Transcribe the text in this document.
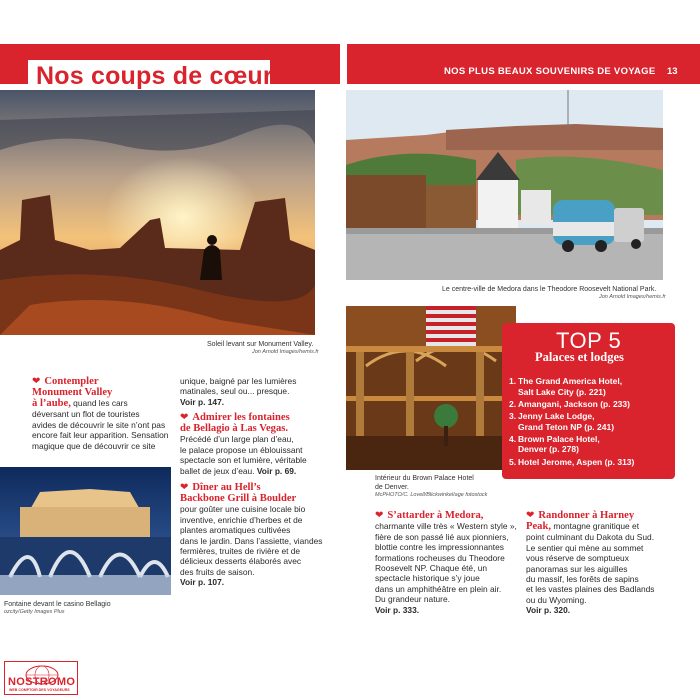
Nos coups de cœur	NOS PLUS BEAUX SOUVENIRS DE VOYAGE 13
Soleil levant sur Monument Valley.
Jon Arnold Images/hemis.fr
Le centre-ville de Medora dans le Theodore Roosevelt National Park.
Jon Arnold Images/hemis.fr
Intérieur du Brown Palace Hotel
de Denver.
McPHOTO/C. Lovell/Blickwinkel/age fotostock
Fontaine devant le casino Bellagio
ozcity/Getty Images Plus
❤ Contempler
Monument Valley
à l’aube, quand les cars
déversant un flot de touristes
avides de découvrir le site n’ont pas
encore fait leur apparition. Sensation
magique que de découvrir ce site
unique, baigné par les lumières
matinales, seul ou... presque.
Voir p. 147.
❤ Admirer les fontaines
de Bellagio à Las Vegas.
Précédé d’un large plan d’eau,
le palace propose un éblouissant
spectacle son et lumière, véritable
ballet de jeux d’eau. Voir p. 69.
❤ Dîner au Hell’s
Backbone Grill à Boulder
pour goûter une cuisine locale bio
inventive, enrichie d’herbes et de
plantes aromatiques cultivées
dans le jardin. Dans l’assiette, viandes
fermières, truites de rivière et de
délicieux desserts élaborés avec
des fruits de saison.
Voir p. 107.
❤ S’attarder à Medora,
charmante ville très « Western style »,
fière de son passé lié aux pionniers,
blottie contre les impressionnantes
formations rocheuses du Theodore
Roosevelt NP. Chaque été, un
spectacle historique s’y joue
dans un amphithéâtre en plein air.
Du grandeur nature.
Voir p. 333.
❤ Randonner à Harney
Peak, montagne granitique et
point culminant du Dakota du Sud.
Le sentier qui mène au sommet
vous réserve de somptueux
panoramas sur les aiguilles
du massif, les forêts de sapins
et les vastes plaines des Badlands
ou du Wyoming.
Voir p. 320.
TOP 5
Palaces et lodges
1. The Grand America Hotel,
Salt Lake City (p. 221)
2. Amangani, Jackson (p. 233)
3. Jenny Lake Lodge,
Grand Teton NP (p. 241)
4. Brown Palace Hotel,
Denver (p. 278)
5. Hotel Jerome, Aspen (p. 313)
NOSTROMO
WEB COMPTOIR DES VOYAGEURS
